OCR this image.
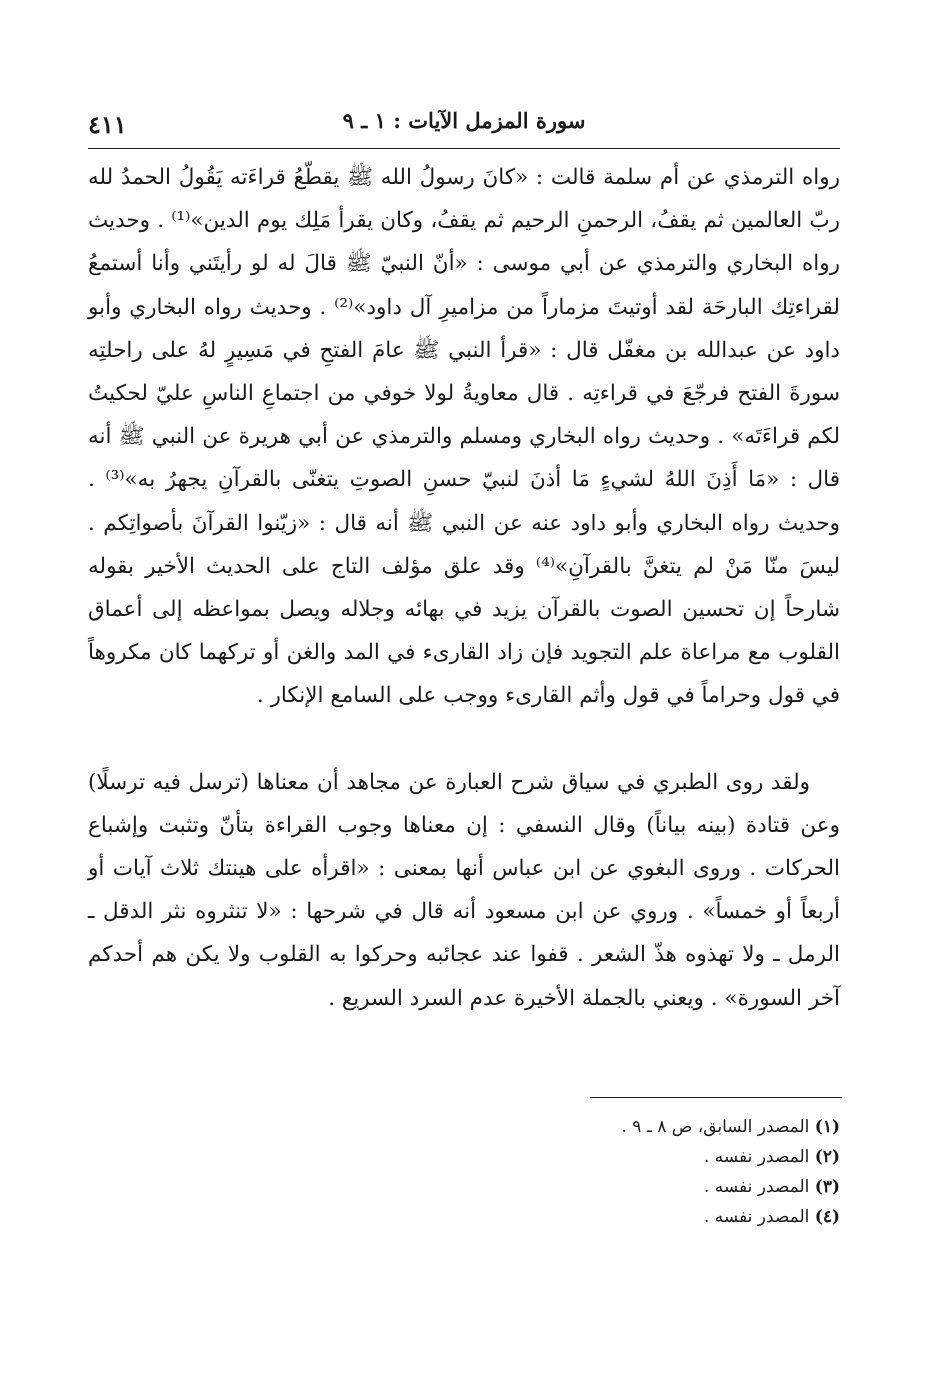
سورة المزمل الآيات : ١ ـ ٩
٤١١

رواه الترمذي عن أم سلمة قالت : «كانَ رسولُ الله ﷺ يقطّعُ قراءَته يَقُولُ الحمدُ لله ربّ العالمين ثم يقفُ، الرحمنِ الرحيم ثم يقفُ، وكان يقرأ مَلِك يوم الدين»⁽¹⁾ . وحديث رواه البخاري والترمذي عن أبي موسى : «أنّ النبيّ ﷺ قالَ له لو رأيتَني وأنا أستمعُ لقراءتِك البارحَة لقد أوتيتَ مزماراً من مزاميرِ آل داود»⁽²⁾ . وحديث رواه البخاري وأبو داود عن عبدالله بن مغفّل قال : «قرأ النبي ﷺ عامَ الفتحِ في مَسِيرٍ لهُ على راحلتِه سورةَ الفتح فرجّعَ في قراءتِه . قال معاويةُ لولا خوفي من اجتماعِ الناسِ عليّ لحكيتُ لكم قراءَتَه» . وحديث رواه البخاري ومسلم والترمذي عن أبي هريرة عن النبي ﷺ أنه قال : «مَا أَذِنَ اللهُ لشيءٍ مَا أذنَ لنبيّ حسنِ الصوتِ يتغنّى بالقرآنِ يجهرُ به»⁽³⁾ . وحديث رواه البخاري وأبو داود عنه عن النبي ﷺ أنه قال : «زيّنوا القرآنَ بأصواتِكم . ليسَ منّا مَنْ لم يتغنَّ بالقرآنِ»⁽⁴⁾ وقد علق مؤلف التاج على الحديث الأخير بقوله شارحاً إن تحسين الصوت بالقرآن يزيد في بهائه وجلاله ويصل بمواعظه إلى أعماق القلوب مع مراعاة علم التجويد فإن زاد القارىء في المد والغن أو تركهما كان مكروهاً في قول وحراماً في قول وأثم القارىء ووجب على السامع الإنكار .

ولقد روى الطبري في سياق شرح العبارة عن مجاهد أن معناها (ترسل فيه ترسلًا) وعن قتادة (بينه بياناً) وقال النسفي : إن معناها وجوب القراءة بتأنّ وتثبت وإشباع الحركات . وروى البغوي عن ابن عباس أنها بمعنى : «اقرأه على هينتك ثلاث آيات أو أربعاً أو خمساً» . وروي عن ابن مسعود أنه قال في شرحها : «لا تنثروه نثر الدقل ـ الرمل ـ ولا تهذوه هذّ الشعر . قفوا عند عجائبه وحركوا به القلوب ولا يكن هم أحدكم آخر السورة» . ويعني بالجملة الأخيرة عدم السرد السريع .

(١) المصدر السابق، ص ٨ ـ ٩ .
(٢) المصدر نفسه .
(٣) المصدر نفسه .
(٤) المصدر نفسه .
